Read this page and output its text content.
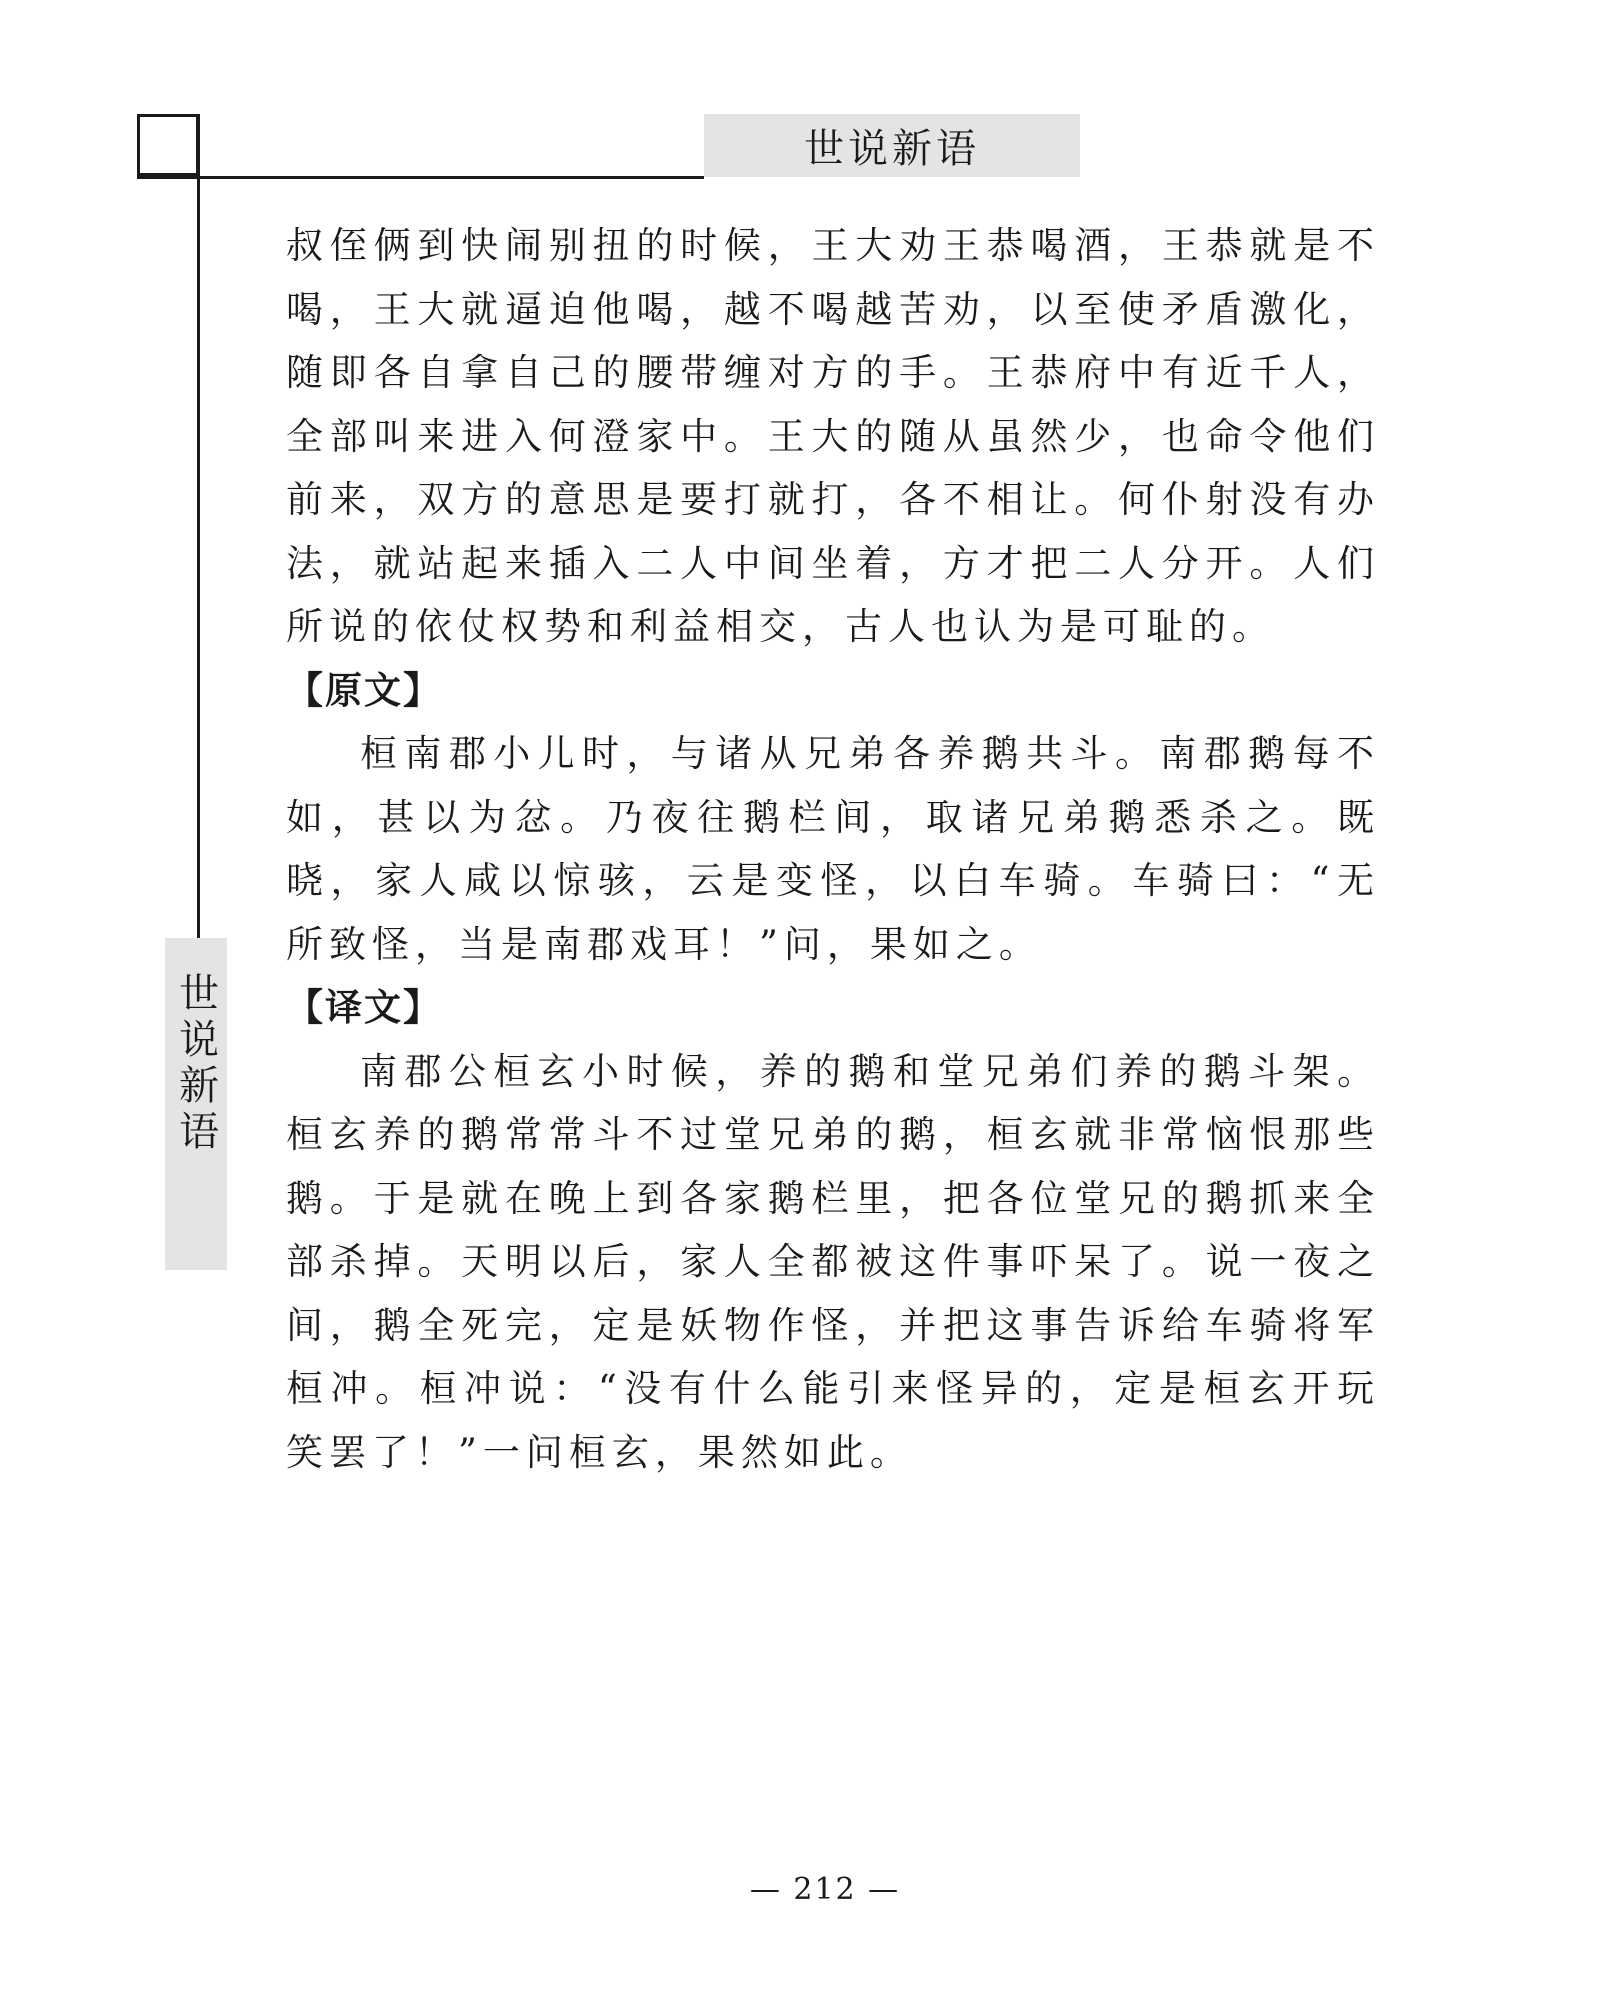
世说新语
世说新语

叔侄俩到快闹别扭的时候，王大劝王恭喝酒，王恭就是不喝，王大就逼迫他喝，越不喝越苦劝，以至使矛盾激化，随即各自拿自己的腰带缠对方的手。王恭府中有近千人，全部叫来进入何澄家中。王大的随从虽然少，也命令他们前来，双方的意思是要打就打，各不相让。何仆射没有办法，就站起来插入二人中间坐着，方才把二人分开。人们所说的依仗权势和利益相交，古人也认为是可耻的。

【原文】

桓南郡小儿时，与诸从兄弟各养鹅共斗。南郡鹅每不如，甚以为忿。乃夜往鹅栏间，取诸兄弟鹅悉杀之。既晓，家人咸以惊骇，云是变怪，以白车骑。车骑曰：“无所致怪，当是南郡戏耳！”问，果如之。

【译文】

南郡公桓玄小时候，养的鹅和堂兄弟们养的鹅斗架。桓玄养的鹅常常斗不过堂兄弟的鹅，桓玄就非常恼恨那些鹅。于是就在晚上到各家鹅栏里，把各位堂兄的鹅抓来全部杀掉。天明以后，家人全都被这件事吓呆了。说一夜之间，鹅全死完，定是妖物作怪，并把这事告诉给车骑将军桓冲。桓冲说：“没有什么能引来怪异的，定是桓玄开玩笑罢了！”一问桓玄，果然如此。

— 212 —
